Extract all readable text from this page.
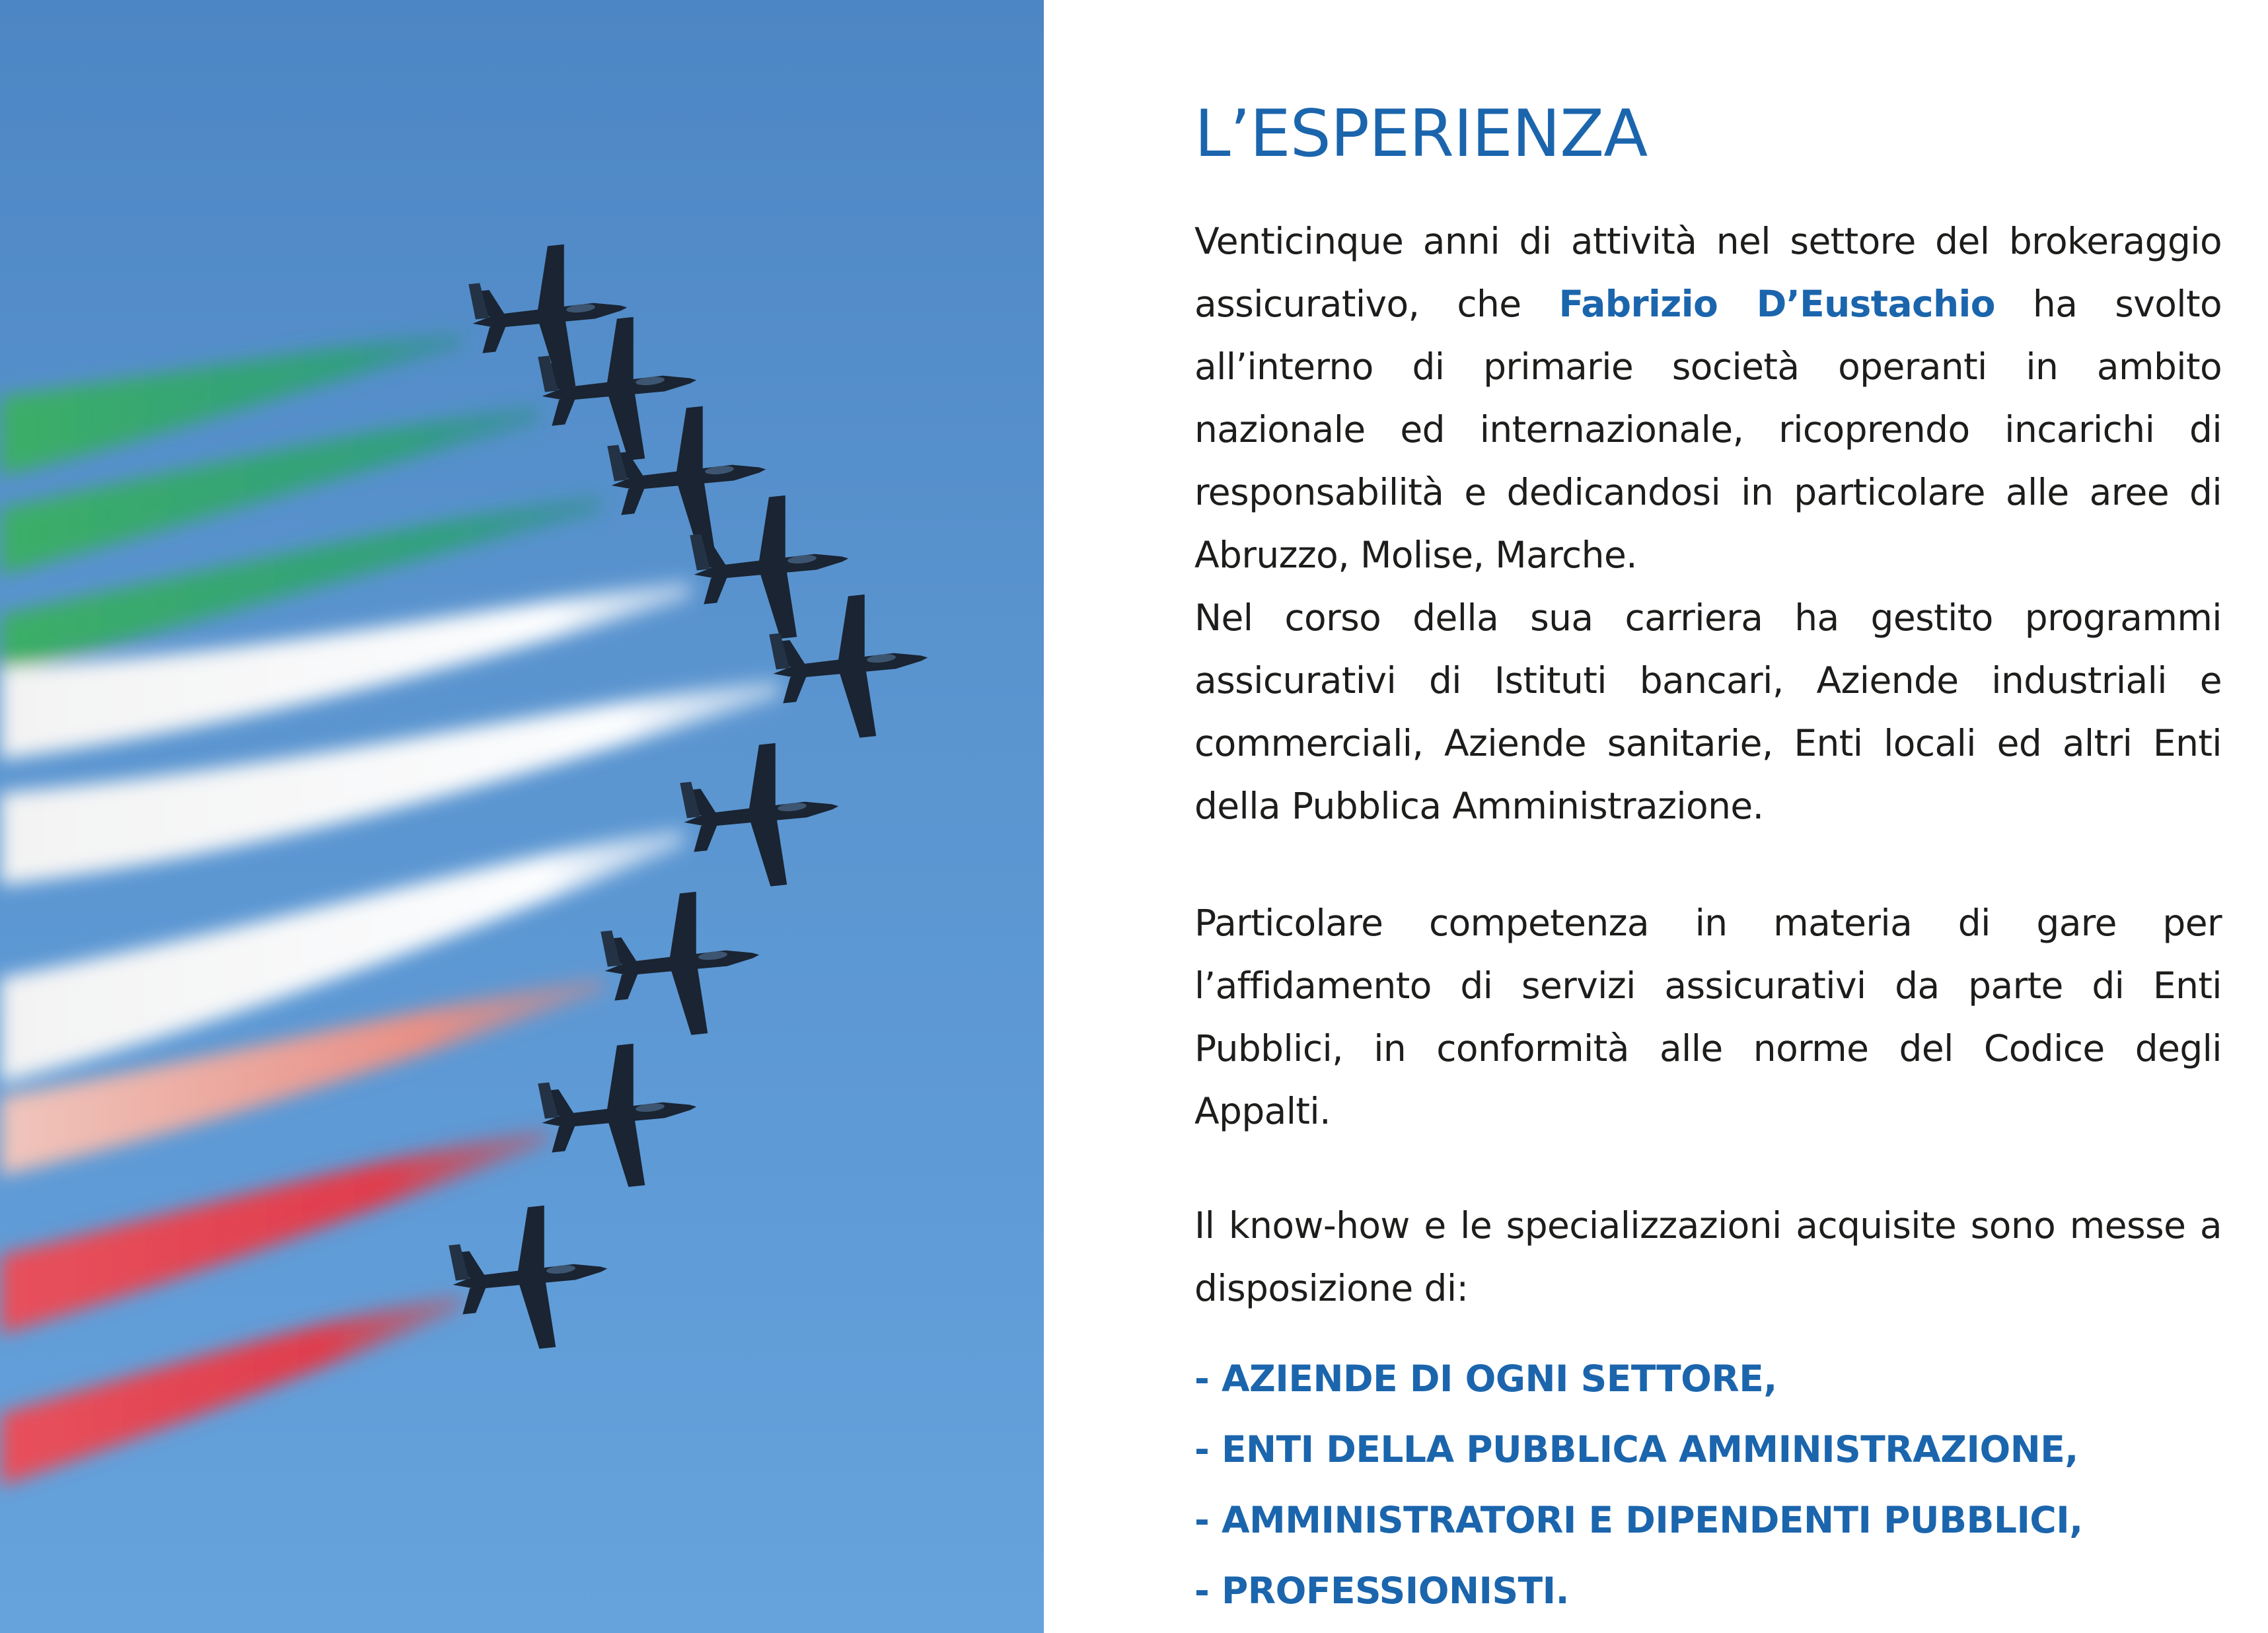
L’ESPERIENZA

Venticinque anni di attività nel settore del brokeraggio assicurativo, che Fabrizio D’Eustachio ha svolto all’interno di primarie società operanti in ambito nazionale ed internazionale, ricoprendo incarichi di responsabilità e dedicandosi in particolare alle aree di Abruzzo, Molise, Marche.

Nel corso della sua carriera ha gestito programmi assicurativi di Istituti bancari, Aziende industriali e commerciali, Aziende sanitarie, Enti locali ed altri Enti della Pubblica Amministrazione.

Particolare competenza in materia di gare per l’affidamento di servizi assicurativi da parte di Enti Pubblici, in conformità alle norme del Codice degli Appalti.

Il know-how e le specializzazioni acquisite sono messe a disposizione di:

- AZIENDE DI OGNI SETTORE,
- ENTI DELLA PUBBLICA AMMINISTRAZIONE,
- AMMINISTRATORI E DIPENDENTI PUBBLICI,
- PROFESSIONISTI.
